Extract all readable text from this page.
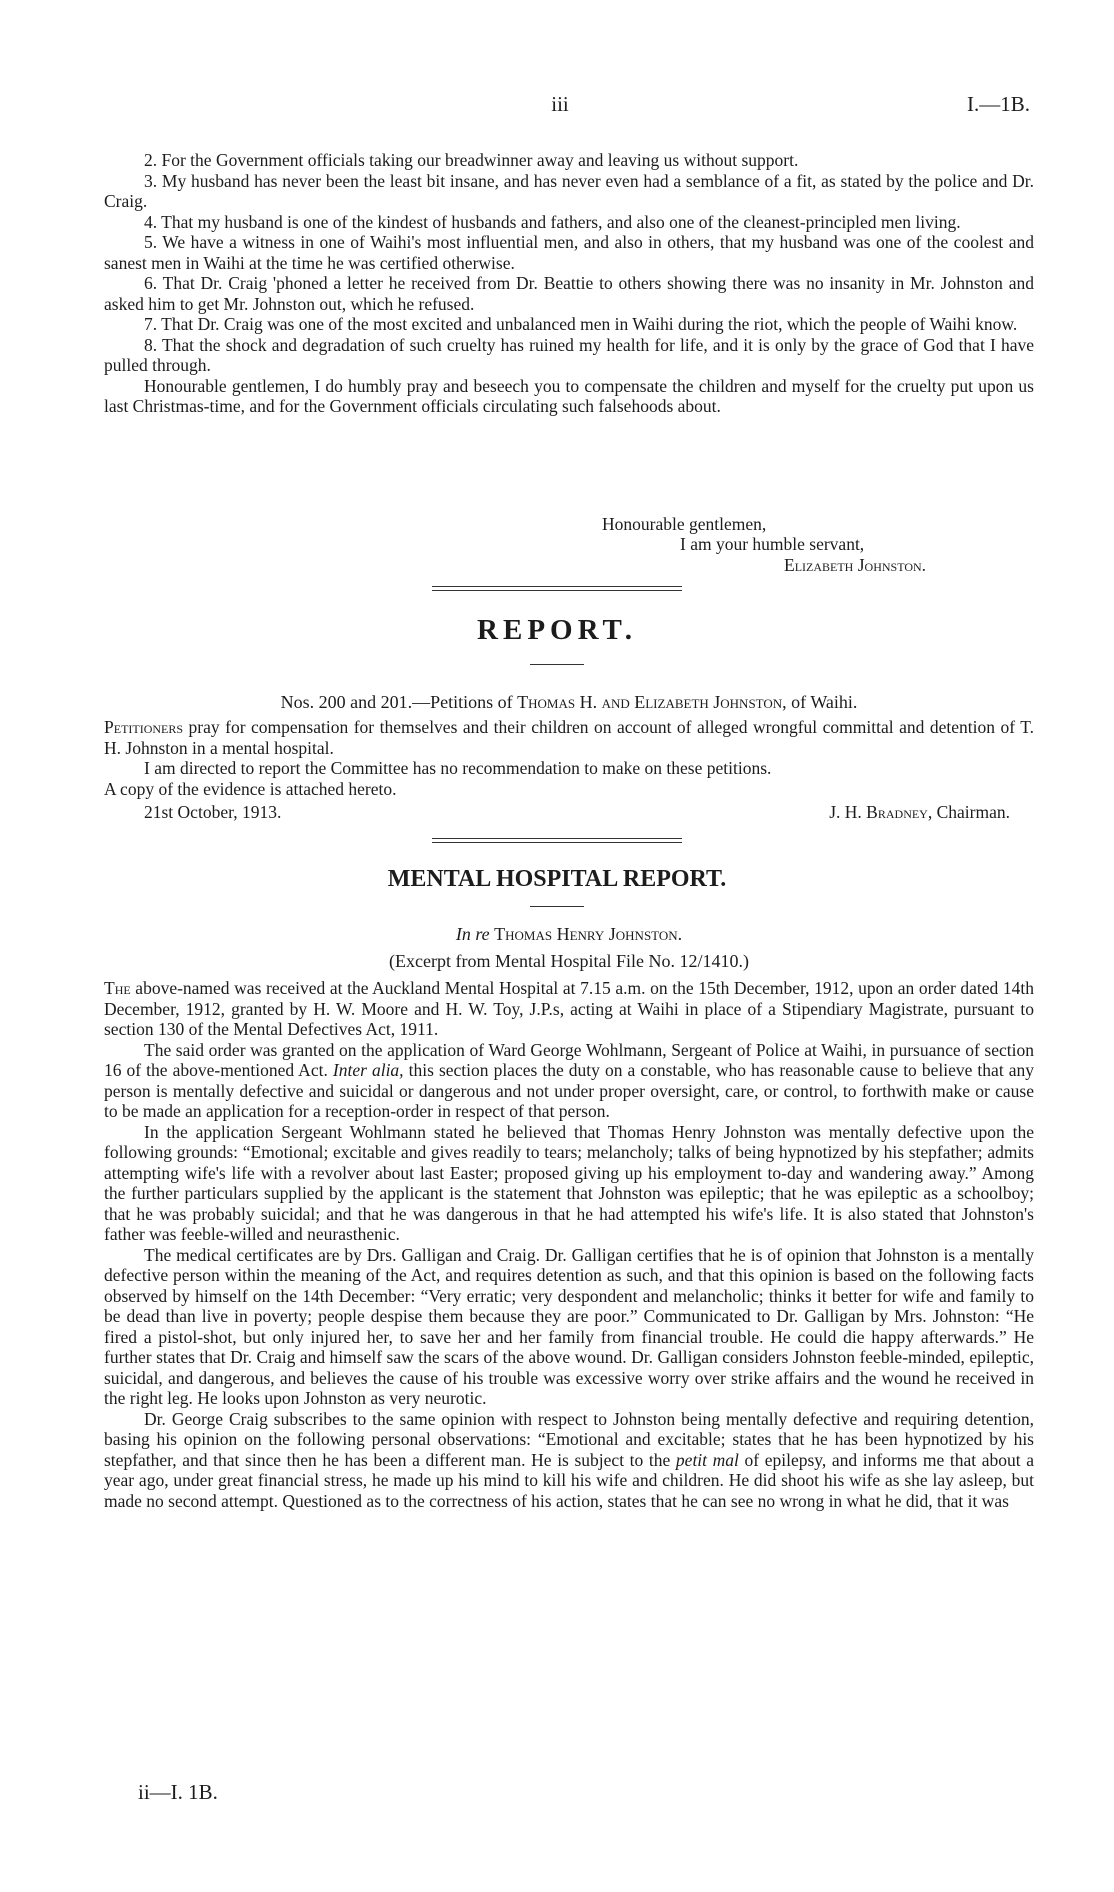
iii	I.—1B.

2. For the Government officials taking our breadwinner away and leaving us without support.

3. My husband has never been the least bit insane, and has never even had a semblance of a fit, as stated by the police and Dr. Craig.

4. That my husband is one of the kindest of husbands and fathers, and also one of the cleanest-principled men living.

5. We have a witness in one of Waihi's most influential men, and also in others, that my husband was one of the coolest and sanest men in Waihi at the time he was certified otherwise.

6. That Dr. Craig 'phoned a letter he received from Dr. Beattie to others showing there was no insanity in Mr. Johnston and asked him to get Mr. Johnston out, which he refused.

7. That Dr. Craig was one of the most excited and unbalanced men in Waihi during the riot, which the people of Waihi know.

8. That the shock and degradation of such cruelty has ruined my health for life, and it is only by the grace of God that I have pulled through.

Honourable gentlemen, I do humbly pray and beseech you to compensate the children and myself for the cruelty put upon us last Christmas-time, and for the Government officials circulating such falsehoods about.

Honourable gentlemen,
I am your humble servant,
Elizabeth Johnston.
REPORT.
Nos. 200 and 201.—Petitions of Thomas H. and Elizabeth Johnston, of Waihi.

Petitioners pray for compensation for themselves and their children on account of alleged wrongful committal and detention of T. H. Johnston in a mental hospital.

I am directed to report the Committee has no recommendation to make on these petitions.

A copy of the evidence is attached hereto.

21st October, 1913.	J. H. Bradney, Chairman.
MENTAL HOSPITAL REPORT.
In re Thomas Henry Johnston.
(Excerpt from Mental Hospital File No. 12/1410.)

The above-named was received at the Auckland Mental Hospital at 7.15 a.m. on the 15th December, 1912, upon an order dated 14th December, 1912, granted by H. W. Moore and H. W. Toy, J.P.s, acting at Waihi in place of a Stipendiary Magistrate, pursuant to section 130 of the Mental Defectives Act, 1911.

The said order was granted on the application of Ward George Wohlmann, Sergeant of Police at Waihi, in pursuance of section 16 of the above-mentioned Act. Inter alia, this section places the duty on a constable, who has reasonable cause to believe that any person is mentally defective and suicidal or dangerous and not under proper oversight, care, or control, to forthwith make or cause to be made an application for a reception-order in respect of that person.

In the application Sergeant Wohlmann stated he believed that Thomas Henry Johnston was mentally defective upon the following grounds: “Emotional; excitable and gives readily to tears; melancholy; talks of being hypnotized by his stepfather; admits attempting wife's life with a revolver about last Easter; proposed giving up his employment to-day and wandering away.” Among the further particulars supplied by the applicant is the statement that Johnston was epileptic; that he was epileptic as a schoolboy; that he was probably suicidal; and that he was dangerous in that he had attempted his wife's life. It is also stated that Johnston's father was feeble-willed and neurasthenic.

The medical certificates are by Drs. Galligan and Craig. Dr. Galligan certifies that he is of opinion that Johnston is a mentally defective person within the meaning of the Act, and requires detention as such, and that this opinion is based on the following facts observed by himself on the 14th December: “Very erratic; very despondent and melancholic; thinks it better for wife and family to be dead than live in poverty; people despise them because they are poor.” Communicated to Dr. Galligan by Mrs. Johnston: “He fired a pistol-shot, but only injured her, to save her and her family from financial trouble. He could die happy afterwards.” He further states that Dr. Craig and himself saw the scars of the above wound. Dr. Galligan considers Johnston feeble-minded, epileptic, suicidal, and dangerous, and believes the cause of his trouble was excessive worry over strike affairs and the wound he received in the right leg. He looks upon Johnston as very neurotic.

Dr. George Craig subscribes to the same opinion with respect to Johnston being mentally defective and requiring detention, basing his opinion on the following personal observations: “Emotional and excitable; states that he has been hypnotized by his stepfather, and that since then he has been a different man. He is subject to the petit mal of epilepsy, and informs me that about a year ago, under great financial stress, he made up his mind to kill his wife and children. He did shoot his wife as she lay asleep, but made no second attempt. Questioned as to the correctness of his action, states that he can see no wrong in what he did, that it was

ii—I. 1B.
